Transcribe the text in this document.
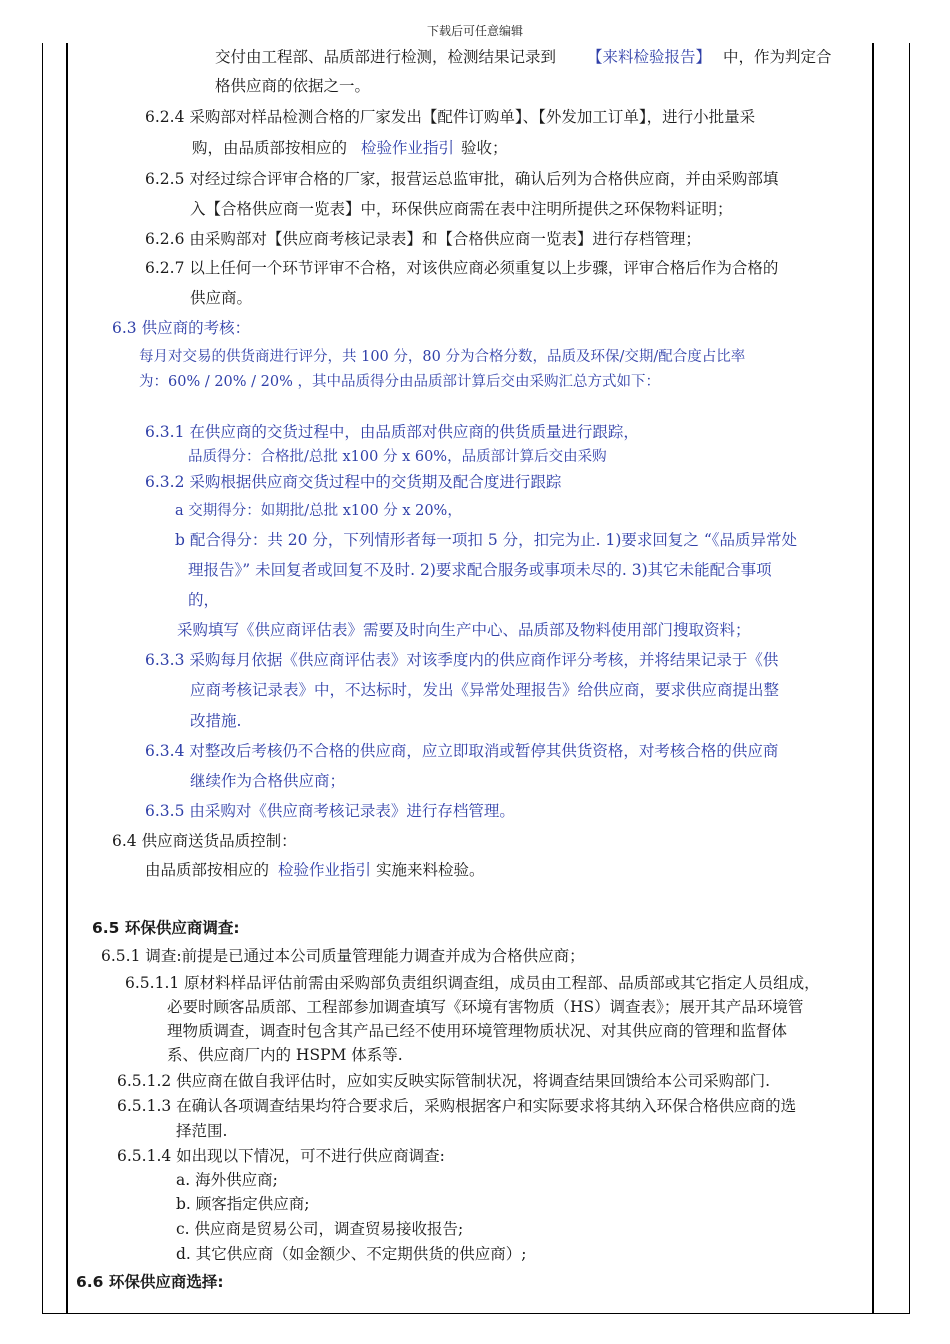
下载后可任意编辑
交付由工程部、品质部进行检测，检测结果记录到 【来料检验报告】 中，作为判定合
格供应商的依据之一。
6.2.4 采购部对样品检测合格的厂家发出【配件订购单】、【外发加工订单】，进行小批量采
购，由品质部按相应的 检验作业指引 验收；
6.2.5 对经过综合评审合格的厂家，报营运总监审批，确认后列为合格供应商，并由采购部填
入【合格供应商一览表】中，环保供应商需在表中注明所提供之环保物料证明；
6.2.6 由采购部对【供应商考核记录表】和【合格供应商一览表】进行存档管理；
6.2.7 以上任何一个环节评审不合格，对该供应商必须重复以上步骤，评审合格后作为合格的
供应商。
6.3 供应商的考核：
每月对交易的供货商进行评分，共 100 分，80 分为合格分数，品质及环保/交期/配合度占比率
为：60% / 20% / 20% ，其中品质得分由品质部计算后交由采购汇总方式如下：
6.3.1 在供应商的交货过程中，由品质部对供应商的供货质量进行跟踪，
品质得分：合格批/总批 x100 分 x 60%，品质部计算后交由采购
6.3.2 采购根据供应商交货过程中的交货期及配合度进行跟踪
a 交期得分：如期批/总批 x100 分 x 20%，
b 配合得分：共 20 分，下列情形者每一项扣 5 分，扣完为止. 1)要求回复之 “《品质异常处
理报告》” 未回复者或回复不及时. 2)要求配合服务或事项未尽的. 3)其它未能配合事项
的，
采购填写《供应商评估表》需要及时向生产中心、品质部及物料使用部门搜取资料；
6.3.3 采购每月依据《供应商评估表》对该季度内的供应商作评分考核，并将结果记录于《供
应商考核记录表》中，不达标时，发出《异常处理报告》给供应商，要求供应商提出整
改措施.
6.3.4 对整改后考核仍不合格的供应商，应立即取消或暂停其供货资格，对考核合格的供应商
继续作为合格供应商；
6.3.5 由采购对《供应商考核记录表》进行存档管理。
6.4 供应商送货品质控制：
由品质部按相应的 检验作业指引 实施来料检验。
6.5 环保供应商调查:
6.5.1 调查:前提是已通过本公司质量管理能力调查并成为合格供应商；
6.5.1.1 原材料样品评估前需由采购部负责组织调查组，成员由工程部、品质部或其它指定人员组成，
必要时顾客品质部、工程部参加调查填写《环境有害物质（HS）调查表》；展开其产品环境管
理物质调查，调查时包含其产品已经不使用环境管理物质状况、对其供应商的管理和监督体
系、供应商厂内的 HSPM 体系等.
6.5.1.2 供应商在做自我评估时，应如实反映实际管制状况，将调查结果回馈给本公司采购部门.
6.5.1.3 在确认各项调查结果均符合要求后，采购根据客户和实际要求将其纳入环保合格供应商的选
择范围.
6.5.1.4 如出现以下情况，可不进行供应商调查:
a. 海外供应商;
b. 顾客指定供应商;
c. 供应商是贸易公司，调查贸易接收报告;
d. 其它供应商（如金额少、不定期供货的供应商）;
6.6 环保供应商选择:
